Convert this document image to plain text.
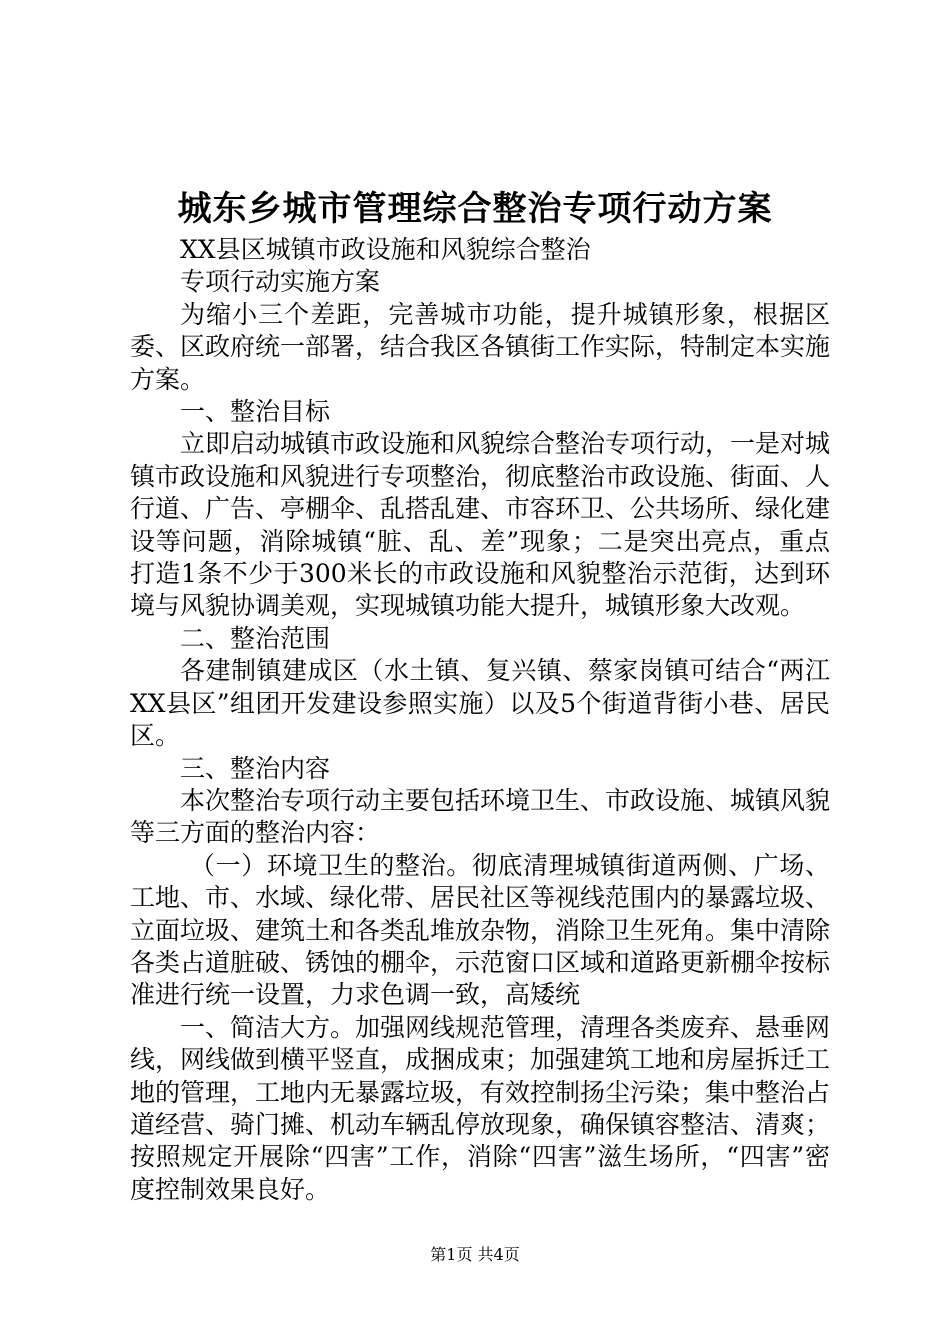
城东乡城市管理综合整治专项行动方案

XX县区城镇市政设施和风貌综合整治

专项行动实施方案

为缩小三个差距，完善城市功能，提升城镇形象，根据区委、区政府统一部署，结合我区各镇街工作实际，特制定本实施方案。

一、整治目标

立即启动城镇市政设施和风貌综合整治专项行动，一是对城镇市政设施和风貌进行专项整治，彻底整治市政设施、街面、人行道、广告、亭棚伞、乱搭乱建、市容环卫、公共场所、绿化建设等问题，消除城镇“脏、乱、差”现象；二是突出亮点，重点打造1条不少于300米长的市政设施和风貌整治示范街，达到环境与风貌协调美观，实现城镇功能大提升，城镇形象大改观。

二、整治范围

各建制镇建成区（水土镇、复兴镇、蔡家岗镇可结合“两江XX县区”组团开发建设参照实施）以及5个街道背街小巷、居民区。

三、整治内容

本次整治专项行动主要包括环境卫生、市政设施、城镇风貌等三方面的整治内容：

（一）环境卫生的整治。彻底清理城镇街道两侧、广场、工地、市、水域、绿化带、居民社区等视线范围内的暴露垃圾、立面垃圾、建筑土和各类乱堆放杂物，消除卫生死角。集中清除各类占道脏破、锈蚀的棚伞，示范窗口区域和道路更新棚伞按标准进行统一设置，力求色调一致，高矮统

一、简洁大方。加强网线规范管理，清理各类废弃、悬垂网线，网线做到横平竖直，成捆成束；加强建筑工地和房屋拆迁工地的管理，工地内无暴露垃圾，有效控制扬尘污染；集中整治占道经营、骑门摊、机动车辆乱停放现象，确保镇容整洁、清爽；按照规定开展除“四害”工作，消除“四害”滋生场所，“四害”密度控制效果良好。

第1页 共4页
